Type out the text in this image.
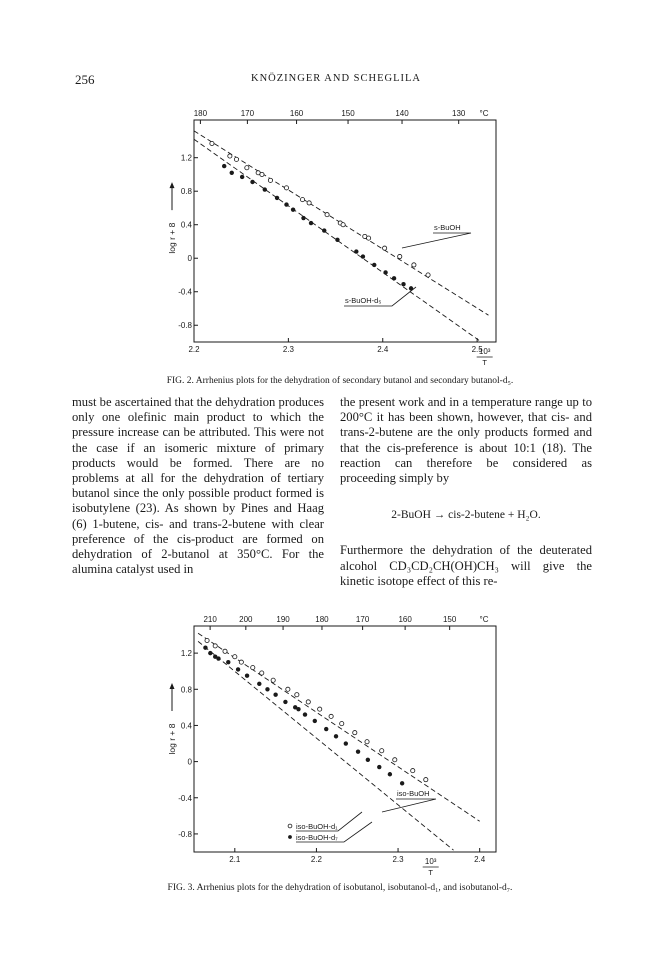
256	KNÖZINGER AND SCHEGLILA
1.2
0.8
0.4
0
-0.4
-0.8
log r + 8
2.2	2.3	2.4	2.5
10³
T
180	170	160	150	140	130 °C
s-BuOH
s-BuOH-d₅
FIG. 2. Arrhenius plots for the dehydration of secondary butanol and secondary butanol-d₅.

must be ascertained that the dehydration produces only one olefinic main product to which the pressure increase can be attributed. This were not the case if an isomeric mixture of primary products would be formed. There are no problems at all for the dehydration of tertiary butanol since the only possible product formed is isobutylene (23). As shown by Pines and Haag (6) 1-butene, cis- and trans-2-butene with clear preference of the cis-product are formed on dehydration of 2-butanol at 350°C. For the alumina catalyst used in

the present work and in a temperature range up to 200°C it has been shown, however, that cis- and trans-2-butene are the only products formed and that the cis-preference is about 10:1 (18). The reaction can therefore be considered as proceeding simply by

2-BuOH → cis-2-butene + H₂O.

Furthermore the dehydration of the deuterated alcohol CD₃CD₂CH(OH)CH₃ will give the kinetic isotope effect of this re-

1.2
0.8
0.4
0
-0.4
-0.8
log r + 8
2.1	2.2	2.3	2.4
10³
T
210	200	190	180	170	160	150	°C
iso-BuOH
iso-BuOH-d₁
iso-BuOH-d₇
FIG. 3. Arrhenius plots for the dehydration of isobutanol, isobutanol-d₁, and isobutanol-d₇.
